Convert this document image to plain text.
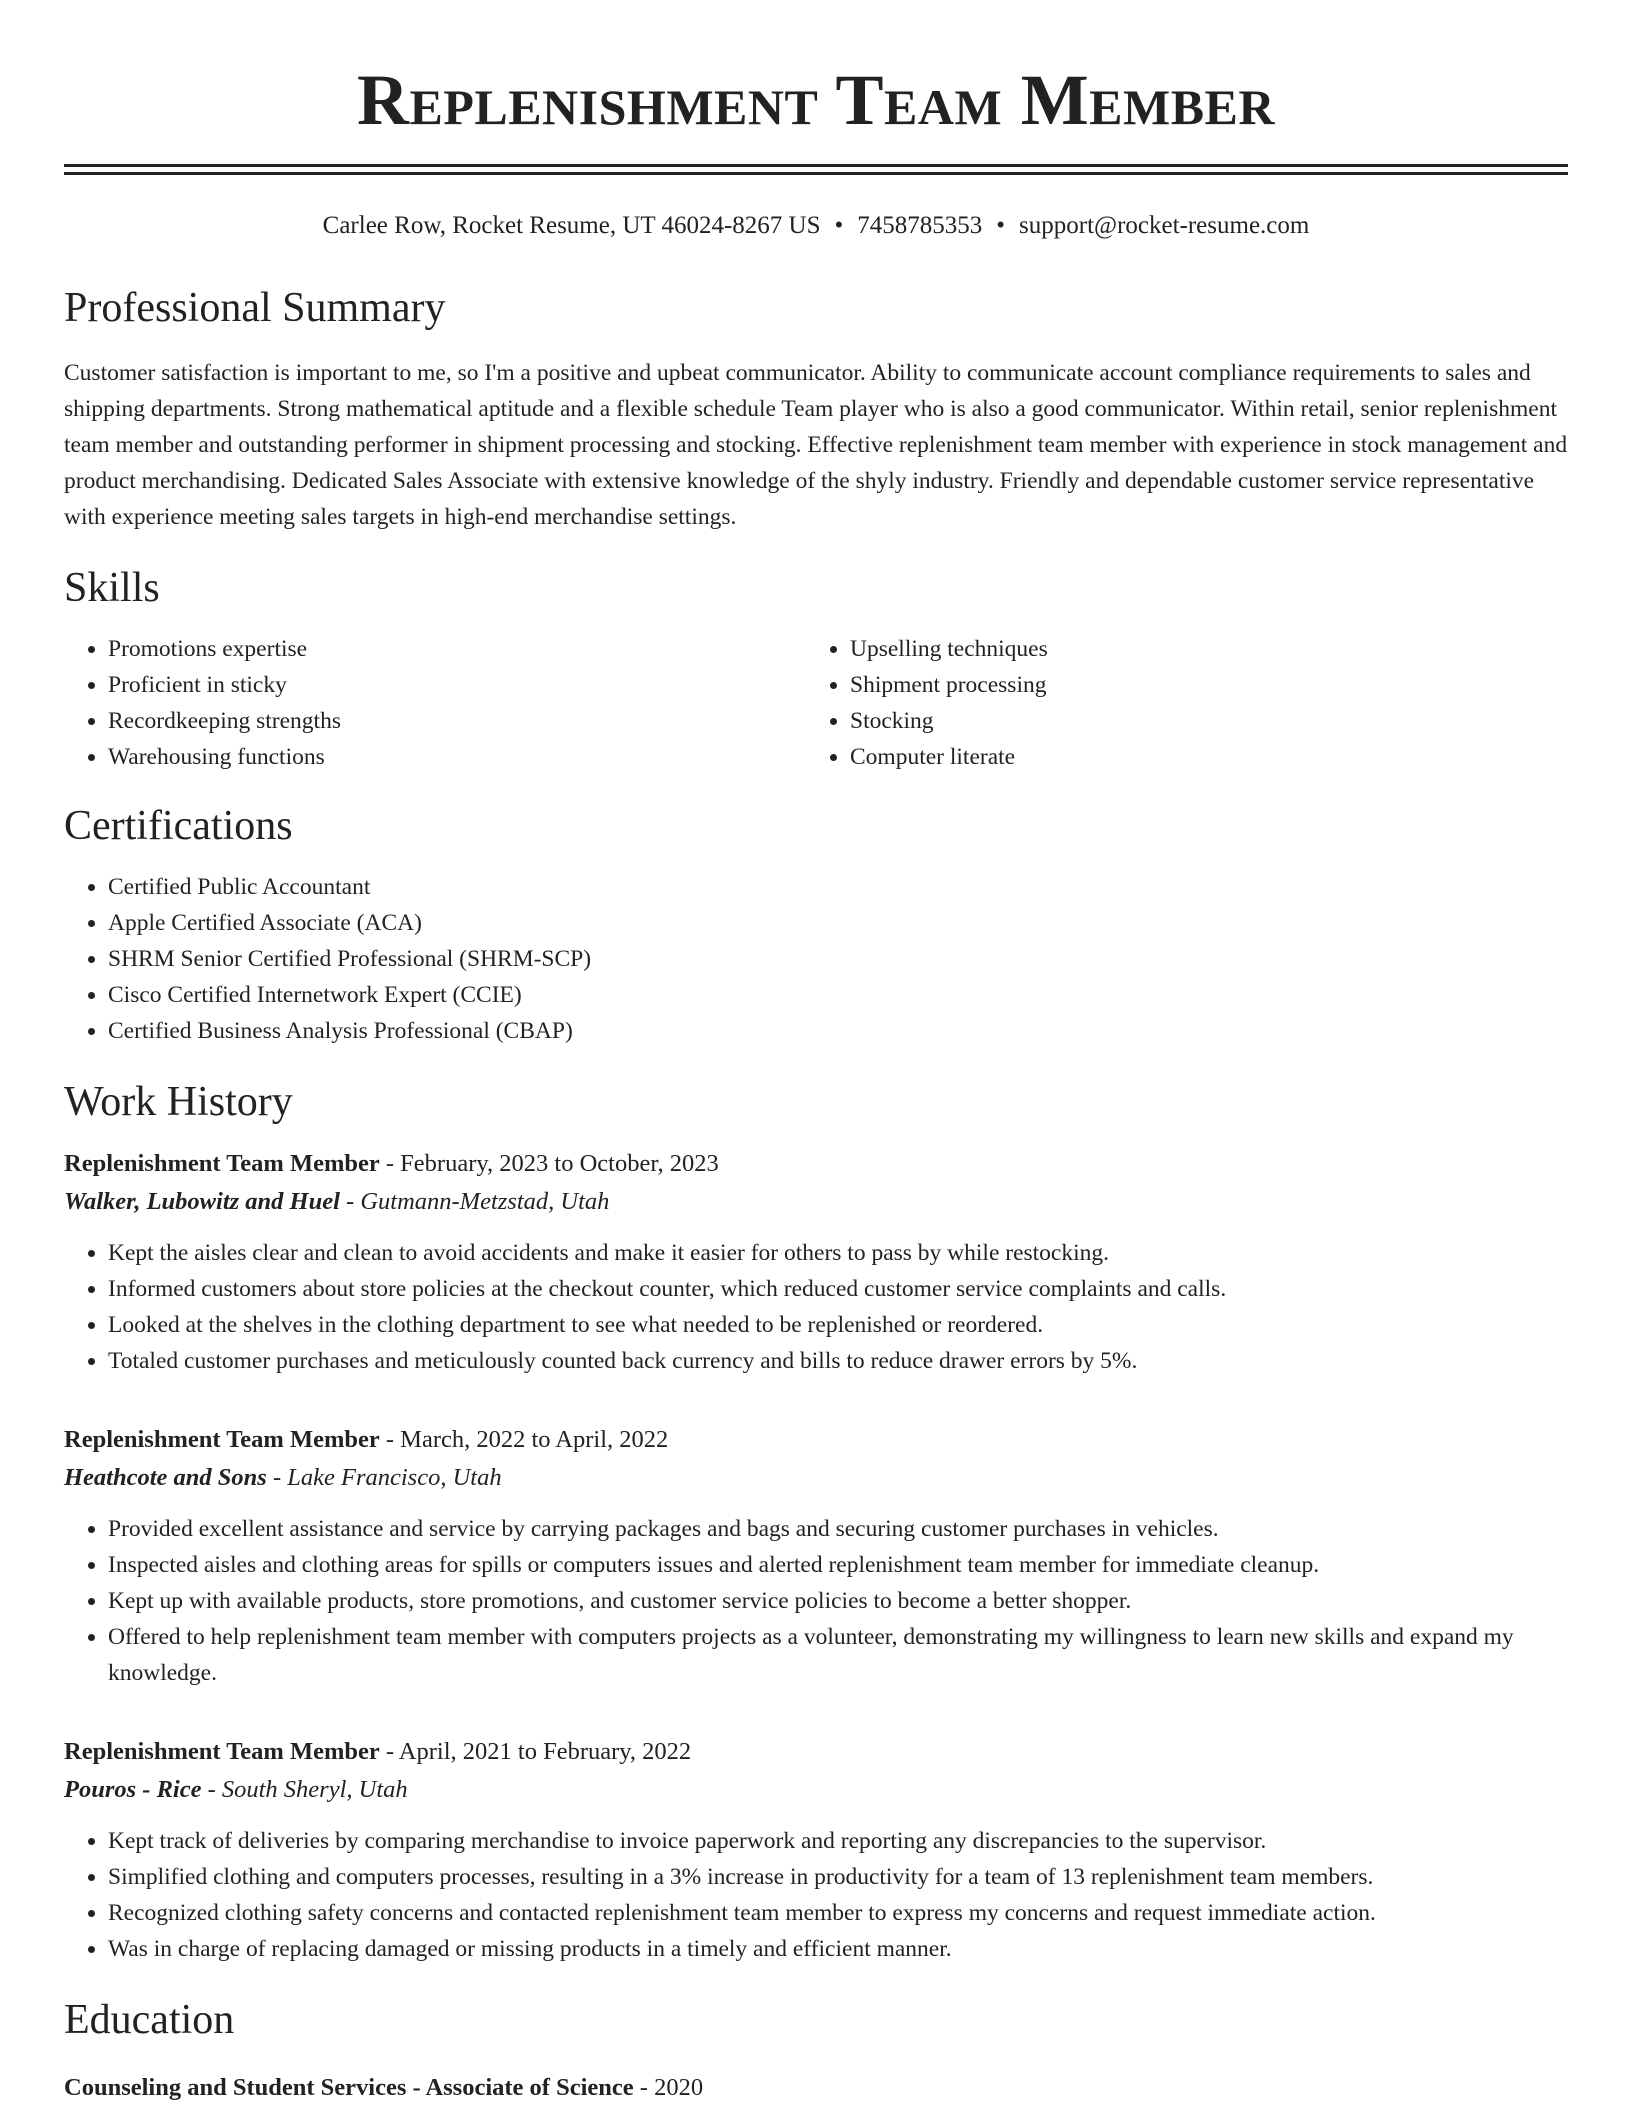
Replenishment Team Member
Carlee Row, Rocket Resume, UT 46024-8267 US • 7458785353 • support@rocket-resume.com
Professional Summary

Customer satisfaction is important to me, so I'm a positive and upbeat communicator. Ability to communicate account compliance requirements to sales and shipping departments. Strong mathematical aptitude and a flexible schedule Team player who is also a good communicator. Within retail, senior replenishment team member and outstanding performer in shipment processing and stocking. Effective replenishment team member with experience in stock management and product merchandising. Dedicated Sales Associate with extensive knowledge of the shyly industry. Friendly and dependable customer service representative with experience meeting sales targets in high-end merchandise settings.

Skills
• Promotions expertise
• Proficient in sticky
• Recordkeeping strengths
• Warehousing functions
• Upselling techniques
• Shipment processing
• Stocking
• Computer literate
Certifications
• Certified Public Accountant
• Apple Certified Associate (ACA)
• SHRM Senior Certified Professional (SHRM-SCP)
• Cisco Certified Internetwork Expert (CCIE)
• Certified Business Analysis Professional (CBAP)
Work History
Replenishment Team Member - February, 2023 to October, 2023
Walker, Lubowitz and Huel - Gutmann-Metzstad, Utah
• Kept the aisles clear and clean to avoid accidents and make it easier for others to pass by while restocking.
• Informed customers about store policies at the checkout counter, which reduced customer service complaints and calls.
• Looked at the shelves in the clothing department to see what needed to be replenished or reordered.
• Totaled customer purchases and meticulously counted back currency and bills to reduce drawer errors by 5%.
Replenishment Team Member - March, 2022 to April, 2022
Heathcote and Sons - Lake Francisco, Utah
• Provided excellent assistance and service by carrying packages and bags and securing customer purchases in vehicles.
• Inspected aisles and clothing areas for spills or computers issues and alerted replenishment team member for immediate cleanup.
• Kept up with available products, store promotions, and customer service policies to become a better shopper.
• Offered to help replenishment team member with computers projects as a volunteer, demonstrating my willingness to learn new skills and expand my knowledge.
Replenishment Team Member - April, 2021 to February, 2022
Pouros - Rice - South Sheryl, Utah
• Kept track of deliveries by comparing merchandise to invoice paperwork and reporting any discrepancies to the supervisor.
• Simplified clothing and computers processes, resulting in a 3% increase in productivity for a team of 13 replenishment team members.
• Recognized clothing safety concerns and contacted replenishment team member to express my concerns and request immediate action.
• Was in charge of replacing damaged or missing products in a timely and efficient manner.
Education
Counseling and Student Services - Associate of Science - 2020
